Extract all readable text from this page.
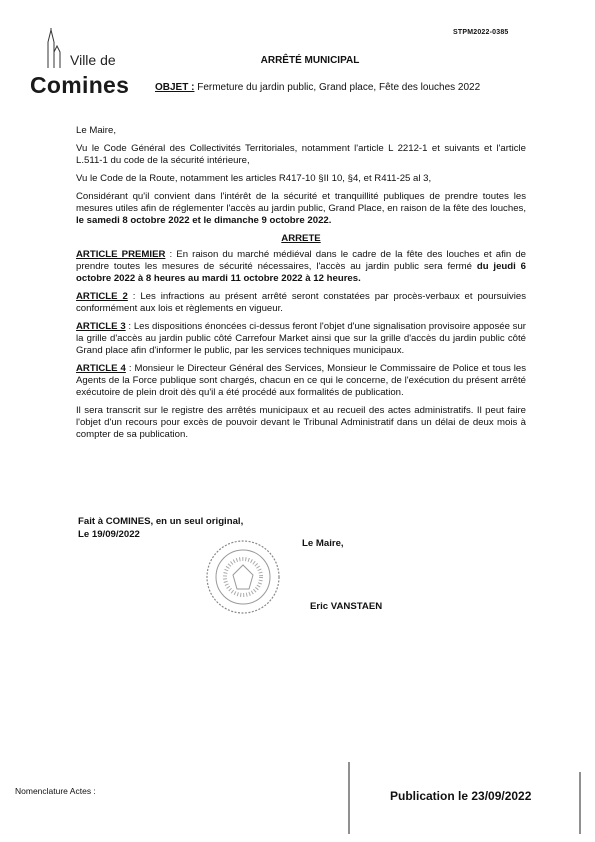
STPM2022-0385
Ville de
Comines
ARRÊTÉ MUNICIPAL
OBJET : Fermeture du jardin public, Grand place, Fête des louches 2022

Le Maire,

Vu le Code Général des Collectivités Territoriales, notamment l'article L 2212-1 et suivants et l'article L.511-1 du code de la sécurité intérieure,

Vu le Code de la Route, notamment les articles R417-10 §II 10, §4, et R411-25 al 3,

Considérant qu'il convient dans l'intérêt de la sécurité et tranquillité publiques de prendre toutes les mesures utiles afin de réglementer l'accès au jardin public, Grand Place, en raison de la fête des louches, le samedi 8 octobre 2022 et le dimanche 9 octobre 2022.

ARRETE

ARTICLE PREMIER : En raison du marché médiéval dans le cadre de la fête des louches et afin de prendre toutes les mesures de sécurité nécessaires, l'accès au jardin public sera fermé du jeudi 6 octobre 2022 à 8 heures au mardi 11 octobre 2022 à 12 heures.

ARTICLE 2 : Les infractions au présent arrêté seront constatées par procès-verbaux et poursuivies conformément aux lois et règlements en vigueur.

ARTICLE 3 : Les dispositions énoncées ci-dessus feront l'objet d'une signalisation provisoire apposée sur la grille d'accès au jardin public côté Carrefour Market ainsi que sur la grille d'accès du jardin public côté Grand place afin d'informer le public, par les services techniques municipaux.

ARTICLE 4 : Monsieur le Directeur Général des Services, Monsieur le Commissaire de Police et tous les Agents de la Force publique sont chargés, chacun en ce qui le concerne, de l'exécution du présent arrêté exécutoire de plein droit dès qu'il a été procédé aux formalités de publication.

Il sera transcrit sur le registre des arrêtés municipaux et au recueil des actes administratifs. Il peut faire l'objet d'un recours pour excès de pouvoir devant le Tribunal Administratif dans un délai de deux mois à compter de sa publication.

Fait à COMINES, en un seul original,
Le 19/09/2022
Le Maire,
Eric VANSTAEN
Nomenclature Actes :	Publication le 23/09/2022
